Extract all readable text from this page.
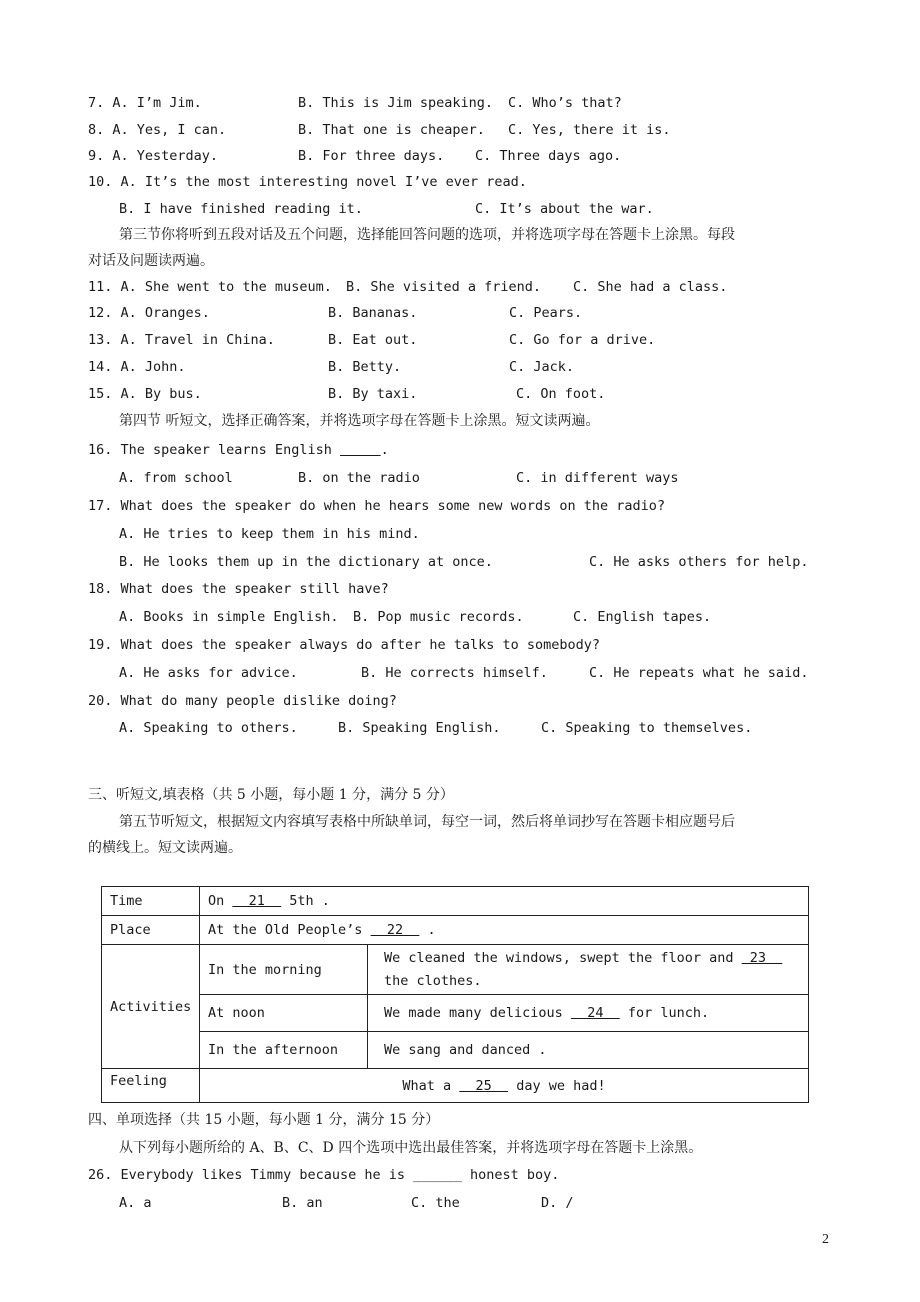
7. A. I’m Jim.	B. This is Jim speaking. C. Who’s that?
8. A. Yes, I can.	B. That one is cheaper. C. Yes, there it is.
9. A. Yesterday.	B. For three days. C. Three days ago.
10. A. It’s the most interesting novel I’ve ever read.
B. I have finished reading it.	C. It’s about the war.
第三节你将听到五段对话及五个问题，选择能回答问题的选项，并将选项字母在答题卡上涂黑。每段
对话及问题读两遍。
11. A. She went to the museum. B. She visited a friend. C. She had a class.
12. A. Oranges.	B. Bananas.	C. Pears.
13. A. Travel in China.	B. Eat out.	C. Go for a drive.
14. A. John.	B. Betty.	C. Jack.
15. A. By bus.	B. By taxi.	C. On foot.
第四节 听短文，选择正确答案，并将选项字母在答题卡上涂黑。短文读两遍。
16. The speaker learns English	.
A. from school	B. on the radio	C. in different ways
17. What does the speaker do when he hears some new words on the radio?
A. He tries to keep them in his mind.
B. He looks them up in the dictionary at once.	C. He asks others for help.
18. What does the speaker still have?
A. Books in simple English. B. Pop music records.	C. English tapes.
19. What does the speaker always do after he talks to somebody?
A. He asks for advice.	B. He corrects himself.	C. He repeats what he said.
20. What do many people dislike doing?
A. Speaking to others.	B. Speaking English.	C. Speaking to themselves.
三、听短文,填表格（共 5 小题，每小题 1 分，满分 5 分）
第五节听短文，根据短文内容填写表格中所缺单词，每空一词，然后将单词抄写在答题卡相应题号后
的横线上。短文读两遍。
Time	On   21   5th .	
Place	At the Old People’s   22   .	
Activities	In the morning	We cleaned the windows, swept the floor and  23
the clothes.
	At noon	We made many delicious   24   for lunch.
	In the afternoon	We sang and danced .
Feeling	What a   25   day we had!	
四、单项选择（共 15 小题，每小题 1 分，满分 15 分）
从下列每小题所给的 A、B、C、D 四个选项中选出最佳答案，并将选项字母在答题卡上涂黑。
26. Everybody likes Timmy because he is ______ honest boy.
A. a	B. an	C. the	D. /
2
